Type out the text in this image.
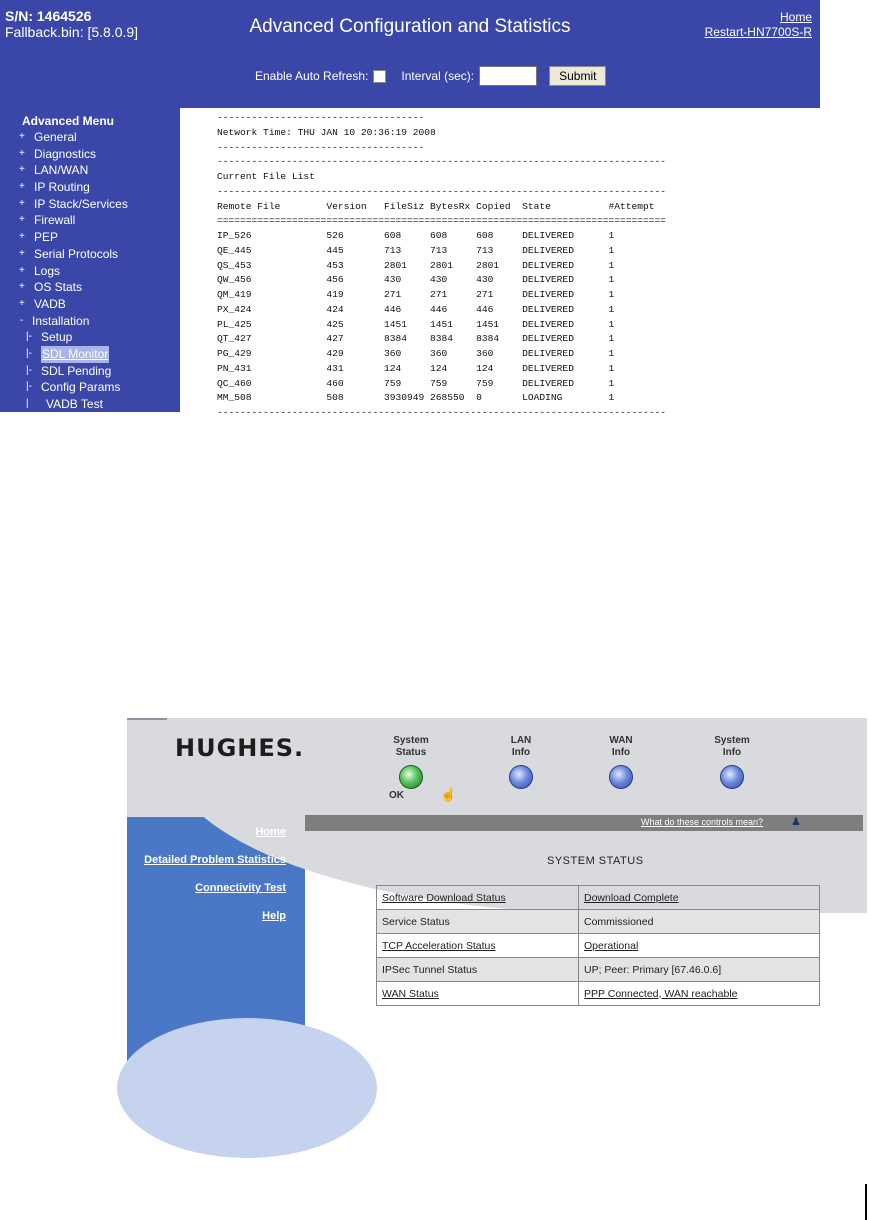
S/N: 1464526
Fallback.bin: [5.8.0.9]	Advanced Configuration and Statistics	Home
Restart-HN7700S-R
Enable Auto Refresh:	Interval (sec):	Submit
Advanced Menu
+ General
+ Diagnostics
+ LAN/WAN
+ IP Routing
+ IP Stack/Services
+ Firewall
+ PEP
+ Serial Protocols
+ Logs
+ OS Stats
+ VADB
- Installation
|- Setup
|- SDL Monitor
|- SDL Pending
|- Config Params
| VADB Test
------------------------------------
Network Time: THU JAN 10 20:36:19 2008
------------------------------------
------------------------------------------------------------------------------
Current File List
------------------------------------------------------------------------------
Remote File        Version   FileSiz BytesRx Copied  State          #Attempt
==============================================================================
IP_526             526       608     608     608     DELIVERED      1
QE_445             445       713     713     713     DELIVERED      1
QS_453             453       2801    2801    2801    DELIVERED      1
QW_456             456       430     430     430     DELIVERED      1
QM_419             419       271     271     271     DELIVERED      1
PX_424             424       446     446     446     DELIVERED      1
PL_425             425       1451    1451    1451    DELIVERED      1
QT_427             427       8384    8384    8384    DELIVERED      1
PG_429             429       360     360     360     DELIVERED      1
PN_431             431       124     124     124     DELIVERED      1
QC_460             460       759     759     759     DELIVERED      1
MM_508             508       3930949 268550  0       LOADING        1
------------------------------------------------------------------------------
HUGHES.	System
Status
LAN
Info
WAN
Info
System
Info
OK	☝
What do these controls mean?	♟
Home
Detailed Problem Statistics
Connectivity Test
Help
SYSTEM STATUS
Software Download Status	Download Complete
Service Status	Commissioned
TCP Acceleration Status	Operational
IPSec Tunnel Status	UP; Peer: Primary [67.46.0.6]
WAN Status	PPP Connected, WAN reachable
